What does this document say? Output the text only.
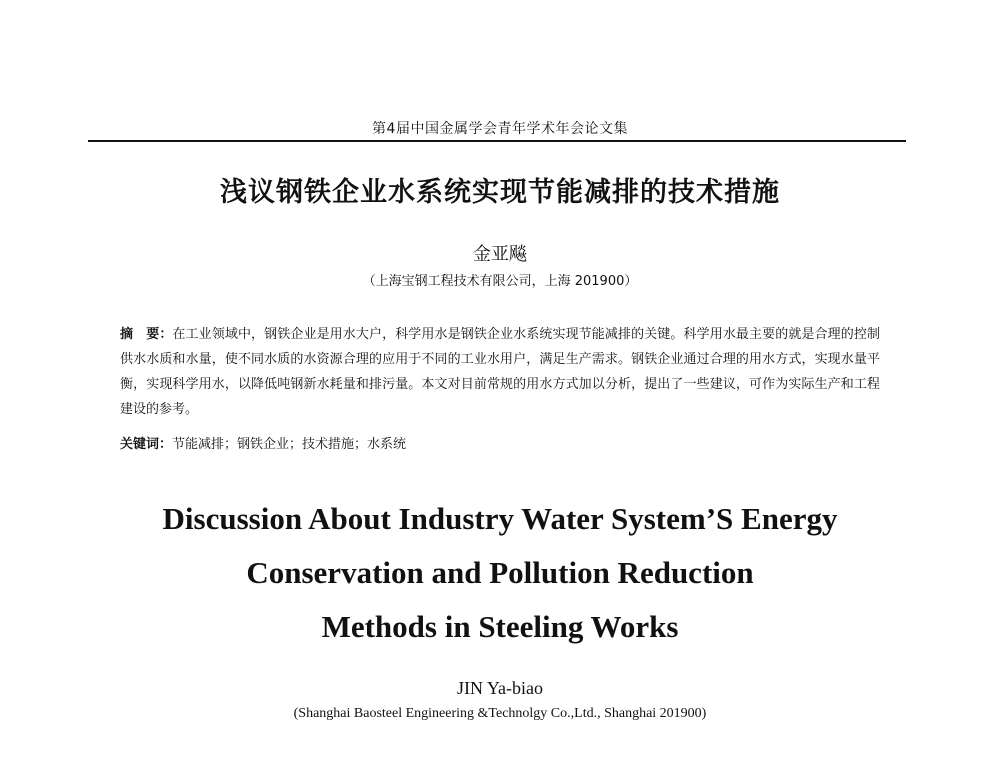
第4届中国金属学会青年学术年会论文集
浅议钢铁企业水系统实现节能减排的技术措施
金亚飚
（上海宝钢工程技术有限公司，上海 201900）
摘　要：在工业领域中，钢铁企业是用水大户，科学用水是钢铁企业水系统实现节能减排的关键。科学用水最主要的就是合理的控制供水水质和水量，使不同水质的水资源合理的应用于不同的工业水用户，满足生产需求。钢铁企业通过合理的用水方式，实现水量平衡，实现科学用水，以降低吨钢新水耗量和排污量。本文对目前常规的用水方式加以分析，提出了一些建议，可作为实际生产和工程建设的参考。
关键词：节能减排；钢铁企业；技术措施；水系统
Discussion About Industry Water System’S Energy
Conservation and Pollution Reduction
Methods in Steeling Works
JIN Ya-biao
(Shanghai Baosteel Engineering &Technolgy Co.,Ltd., Shanghai 201900)
